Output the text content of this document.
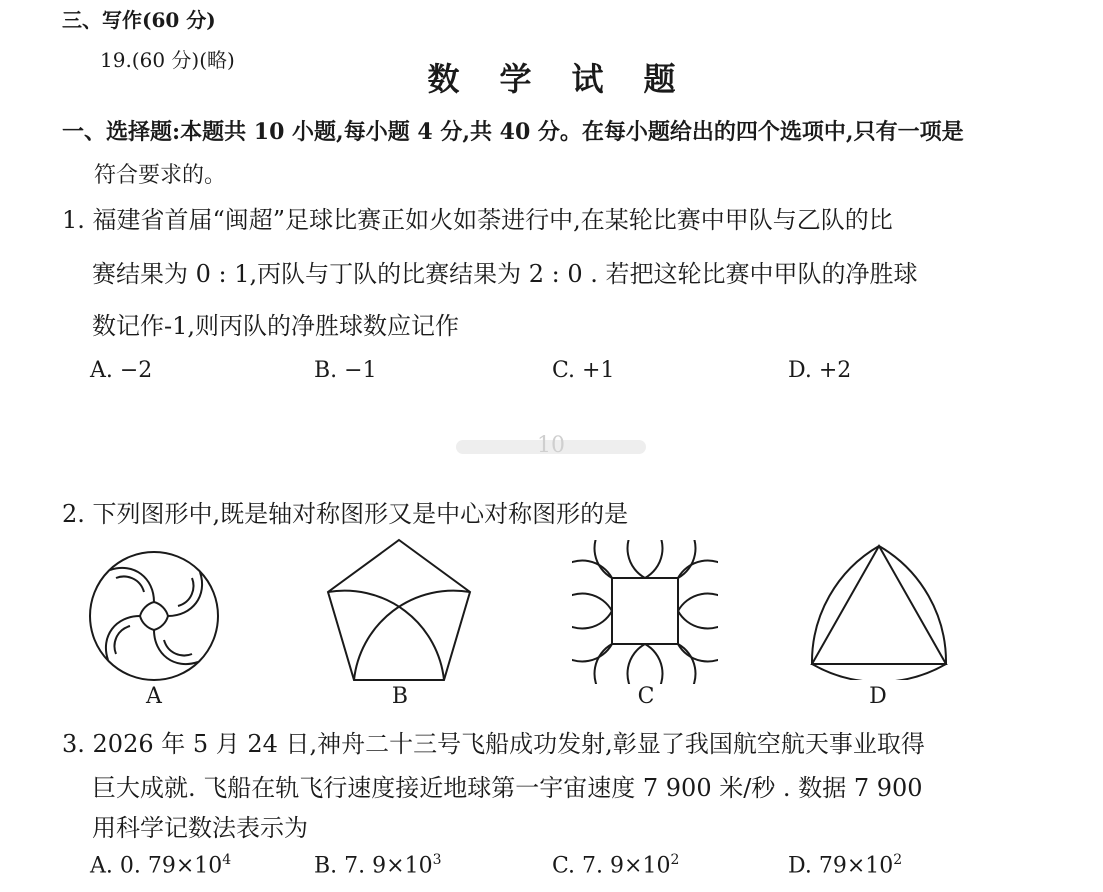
三、写作(60 分)
19.(60 分)(略)	数 学 试 题
一、选择题:本题共 10 小题,每小题 4 分,共 40 分。在每小题给出的四个选项中,只有一项是
符合要求的。
1. 福建省首届“闽超”足球比赛正如火如荼进行中,在某轮比赛中甲队与乙队的比
赛结果为 0 : 1,丙队与丁队的比赛结果为 2 : 0 . 若把这轮比赛中甲队的净胜球
数记作-1,则丙队的净胜球数应记作
A. −2	B. −1	C. +1	D. +2
10
2. 下列图形中,既是轴对称图形又是中心对称图形的是
A	B	C	D
3. 2026 年 5 月 24 日,神舟二十三号飞船成功发射,彰显了我国航空航天事业取得
巨大成就. 飞船在轨飞行速度接近地球第一宇宙速度 7 900 米/秒 . 数据 7 900
用科学记数法表示为
A. 0. $79\times 10^4$	B. 7. $9\times 10^3$	C. 7. $9\times 10^2$	D. $79\times 10^2$
